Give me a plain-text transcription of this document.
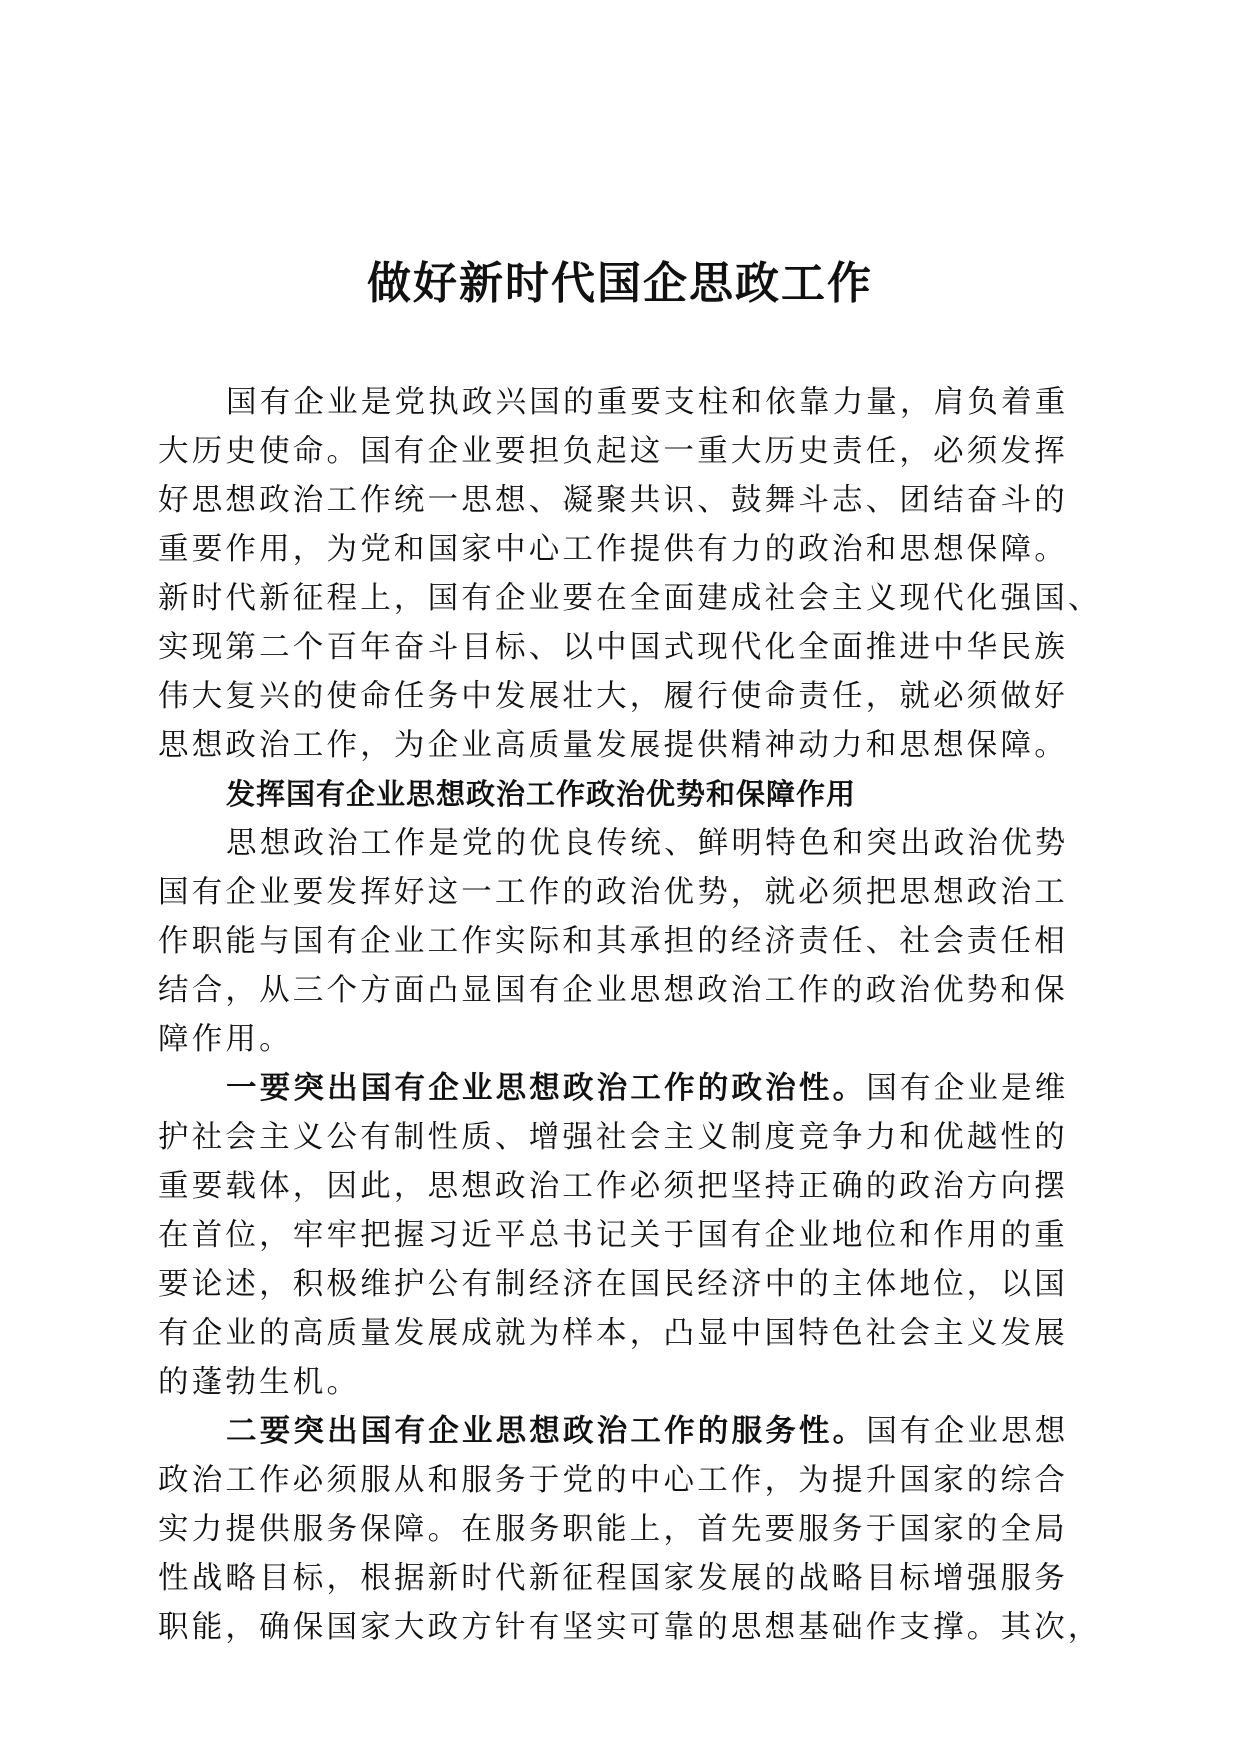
做好新时代国企思政工作
国有企业是党执政兴国的重要支柱和依靠力量，肩负着重
大历史使命。国有企业要担负起这一重大历史责任，必须发挥
好思想政治工作统一思想、凝聚共识、鼓舞斗志、团结奋斗的
重要作用，为党和国家中心工作提供有力的政治和思想保障。
新时代新征程上，国有企业要在全面建成社会主义现代化强国、
实现第二个百年奋斗目标、以中国式现代化全面推进中华民族
伟大复兴的使命任务中发展壮大，履行使命责任，就必须做好
思想政治工作，为企业高质量发展提供精神动力和思想保障。
发挥国有企业思想政治工作政治优势和保障作用
思想政治工作是党的优良传统、鲜明特色和突出政治优势
国有企业要发挥好这一工作的政治优势，就必须把思想政治工
作职能与国有企业工作实际和其承担的经济责任、社会责任相
结合，从三个方面凸显国有企业思想政治工作的政治优势和保
障作用。
一要突出国有企业思想政治工作的政治性。国有企业是维
护社会主义公有制性质、增强社会主义制度竞争力和优越性的
重要载体，因此，思想政治工作必须把坚持正确的政治方向摆
在首位，牢牢把握习近平总书记关于国有企业地位和作用的重
要论述，积极维护公有制经济在国民经济中的主体地位，以国
有企业的高质量发展成就为样本，凸显中国特色社会主义发展
的蓬勃生机。
二要突出国有企业思想政治工作的服务性。国有企业思想
政治工作必须服从和服务于党的中心工作，为提升国家的综合
实力提供服务保障。在服务职能上，首先要服务于国家的全局
性战略目标，根据新时代新征程国家发展的战略目标增强服务
职能，确保国家大政方针有坚实可靠的思想基础作支撑。其次，
